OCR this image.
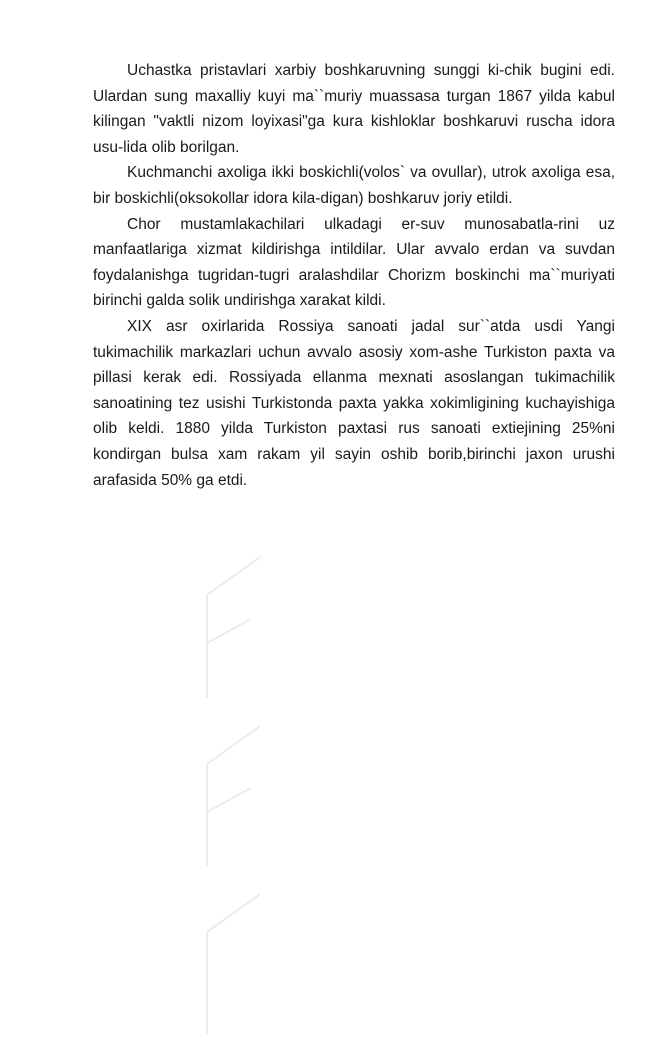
Uchastka pristavlari xarbiy boshkaruvning sunggi ki-chik bugini edi. Ulardan sung maxalliy kuyi ma``muriy muassasa turgan 1867 yilda kabul kilingan "vaktli nizom loyixasi"ga kura kishloklar boshkaruvi ruscha idora usu-lida olib borilgan.

Kuchmanchi axoliga ikki boskichli(volos` va ovullar), utrok axoliga esa, bir boskichli(oksokollar idora kila-digan) boshkaruv joriy etildi.

Chor mustamlakachilari ulkadagi er-suv munosabatla-rini uz manfaatlariga xizmat kildirishga intildilar. Ular avvalo erdan va suvdan foydalanishga tugridan-tugri aralashdilar Chorizm boskinchi ma``muriyati birinchi galda solik undirishga xarakat kildi.

XIX asr oxirlarida Rossiya sanoati jadal sur``atda usdi Yangi tukimachilik markazlari uchun avvalo asosiy xom-ashe Turkiston paxta va pillasi kerak edi. Rossiyada ellanma mexnati asoslangan tukimachilik sanoatining tez usishi Turkistonda paxta yakka xokimligining kuchayishiga olib keldi. 1880 yilda Turkiston paxtasi rus sanoati extiejining 25%ni kondirgan bulsa xam rakam yil sayin oshib borib,birinchi jaxon urushi arafasida 50% ga etdi.
